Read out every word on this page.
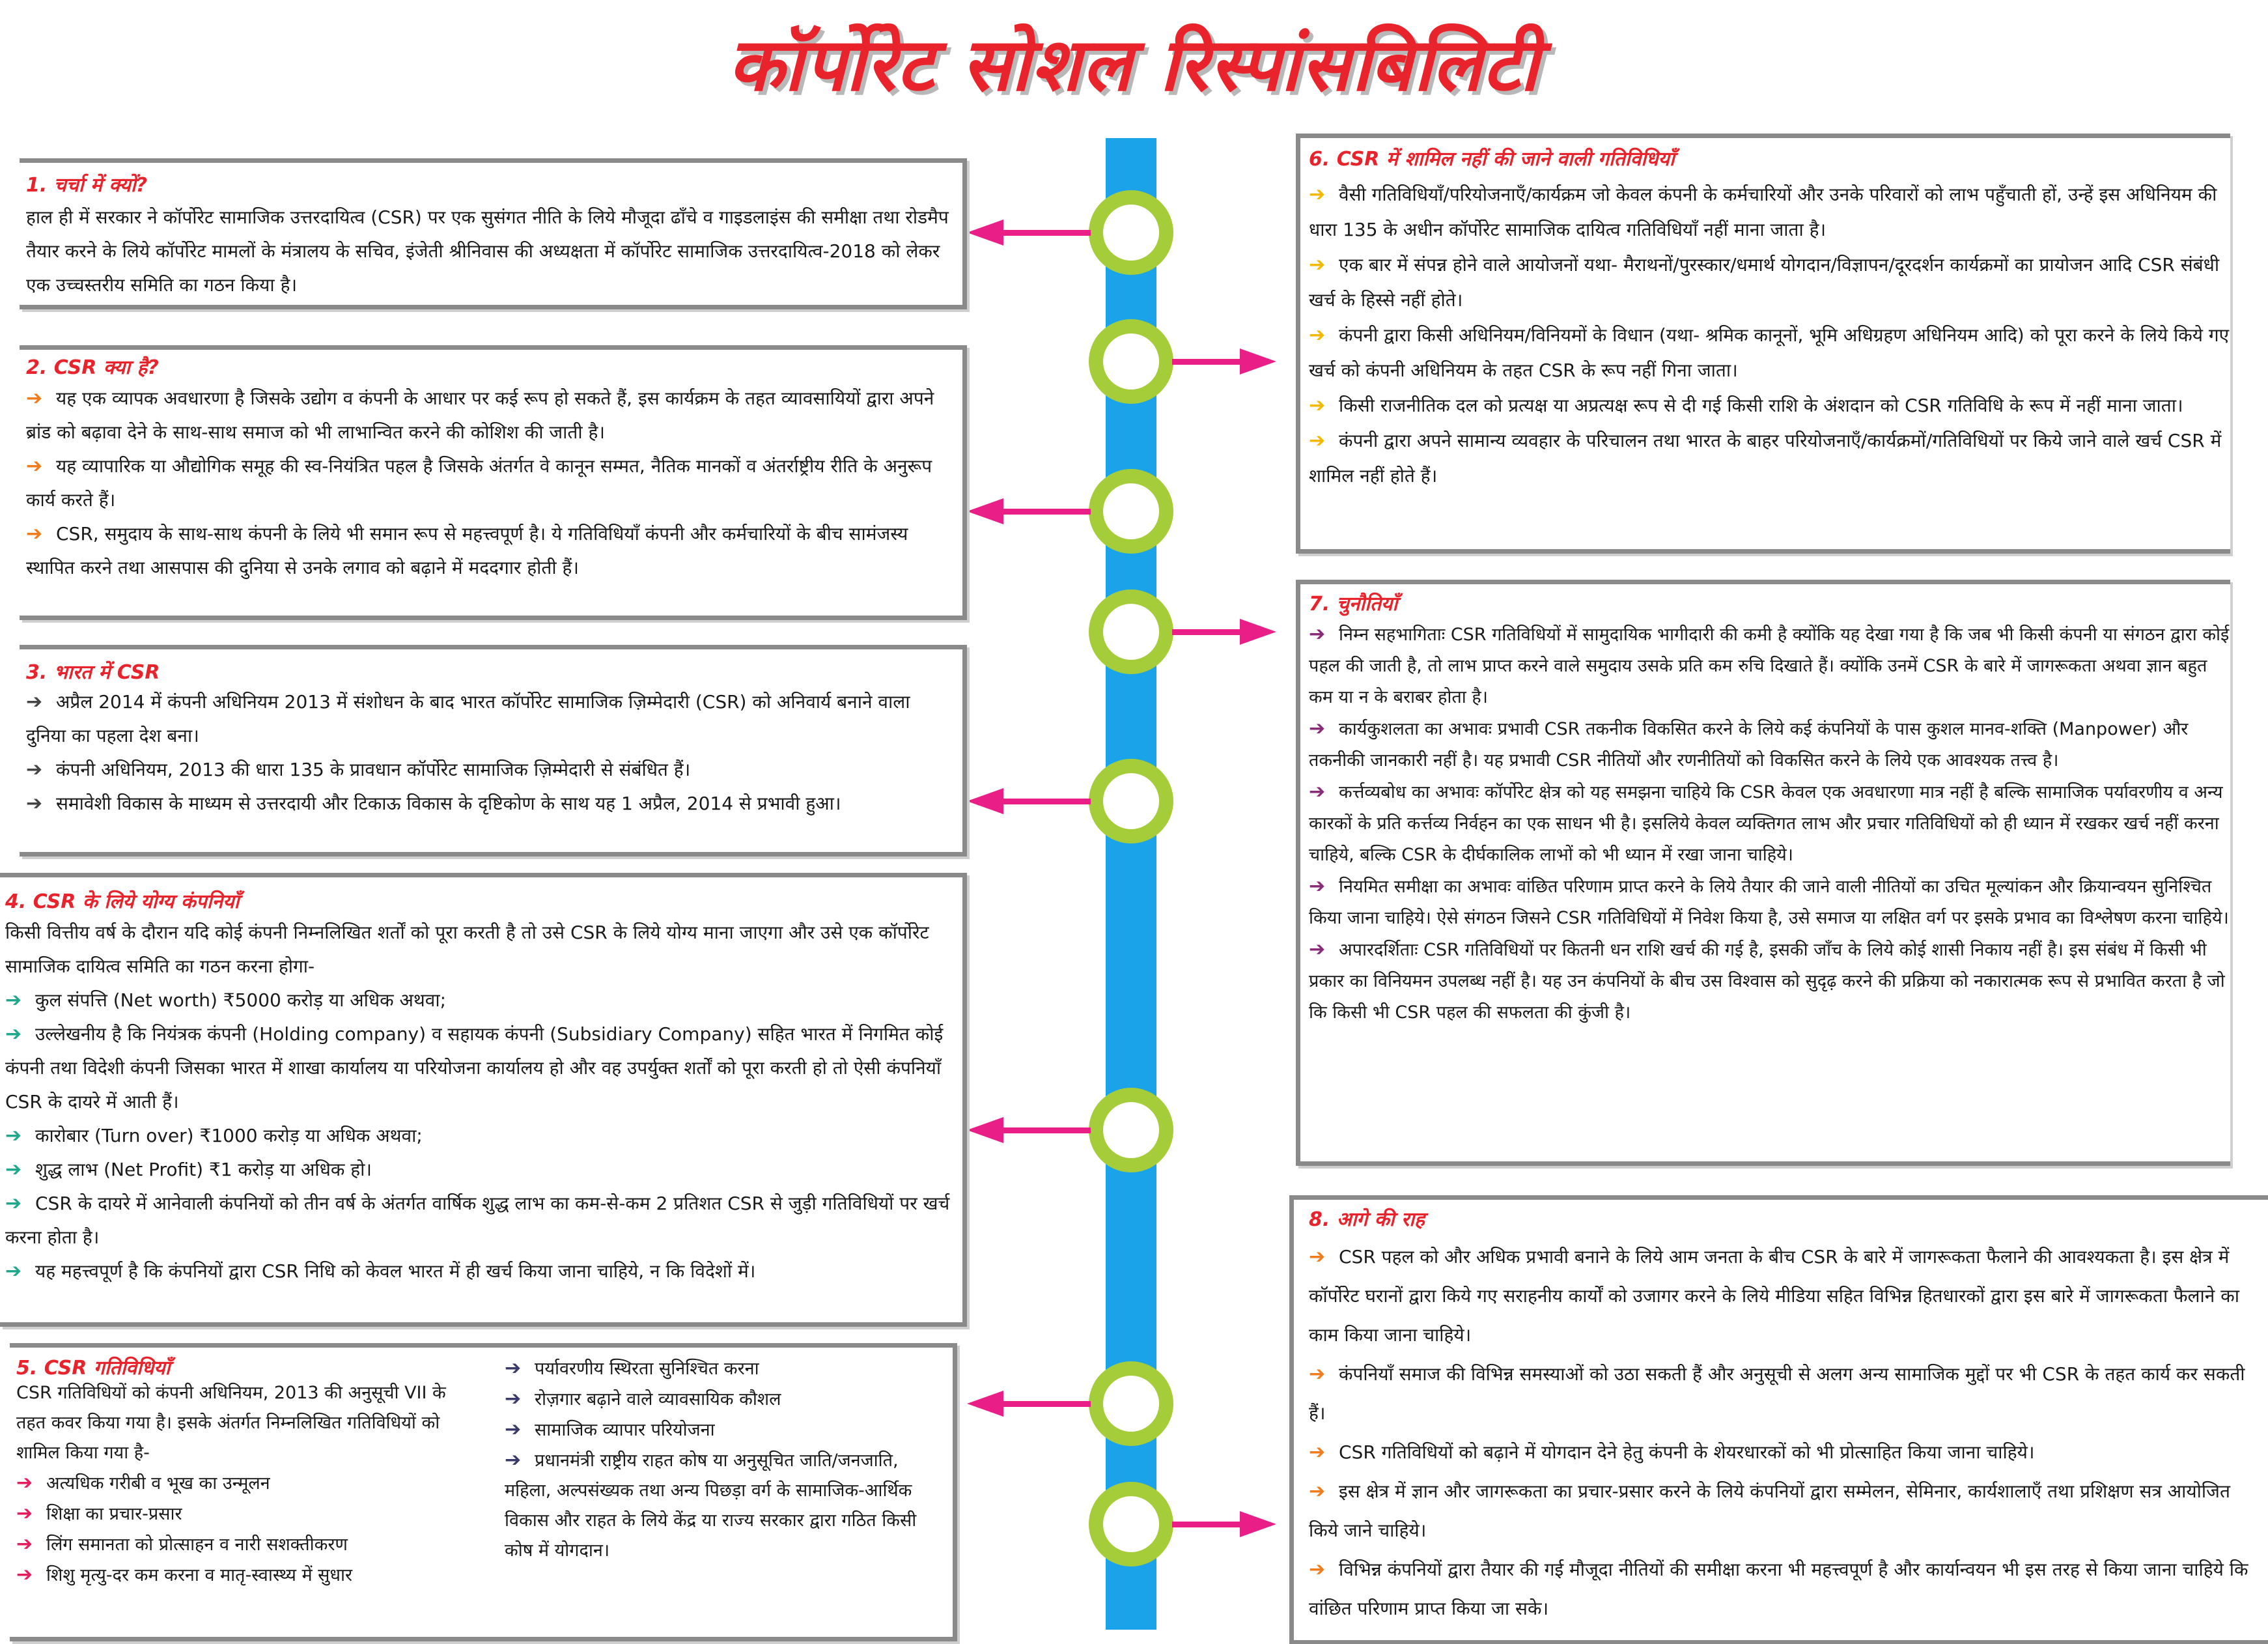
कॉर्पोरेट सोशल रिस्पांसबिलिटी
1. चर्चा में क्यों?
हाल ही में सरकार ने कॉर्पोरेट सामाजिक उत्तरदायित्व (CSR) पर एक सुसंगत नीति के लिये मौजूदा ढाँचे व गाइडलाइंस की समीक्षा तथा रोडमैप तैयार करने के लिये कॉर्पोरेट मामलों के मंत्रालय के सचिव, इंजेती श्रीनिवास की अध्यक्षता में कॉर्पोरेट सामाजिक उत्तरदायित्व-2018 को लेकर एक उच्चस्तरीय समिति का गठन किया है।
2. CSR क्या है?
➔ यह एक व्यापक अवधारणा है जिसके उद्योग व कंपनी के आधार पर कई रूप हो सकते हैं, इस कार्यक्रम के तहत व्यावसायियों द्वारा अपने ब्रांड को बढ़ावा देने के साथ-साथ समाज को भी लाभान्वित करने की कोशिश की जाती है।
➔ यह व्यापारिक या औद्योगिक समूह की स्व-नियंत्रित पहल है जिसके अंतर्गत वे कानून सम्मत, नैतिक मानकों व अंतर्राष्ट्रीय रीति के अनुरूप कार्य करते हैं।
➔ CSR, समुदाय के साथ-साथ कंपनी के लिये भी समान रूप से महत्त्वपूर्ण है। ये गतिविधियाँ कंपनी और कर्मचारियों के बीच सामंजस्य स्थापित करने तथा आसपास की दुनिया से उनके लगाव को बढ़ाने में मददगार होती हैं।
3. भारत में CSR
➔ अप्रैल 2014 में कंपनी अधिनियम 2013 में संशोधन के बाद भारत कॉर्पोरेट सामाजिक ज़िम्मेदारी (CSR) को अनिवार्य बनाने वाला दुनिया का पहला देश बना।
➔ कंपनी अधिनियम, 2013 की धारा 135 के प्रावधान कॉर्पोरेट सामाजिक ज़िम्मेदारी से संबंधित हैं।
➔ समावेशी विकास के माध्यम से उत्तरदायी और टिकाऊ विकास के दृष्टिकोण के साथ यह 1 अप्रैल, 2014 से प्रभावी हुआ।
4. CSR के लिये योग्य कंपनियाँ
किसी वित्तीय वर्ष के दौरान यदि कोई कंपनी निम्नलिखित शर्तों को पूरा करती है तो उसे CSR के लिये योग्य माना जाएगा और उसे एक कॉर्पोरेट सामाजिक दायित्व समिति का गठन करना होगा-
➔ कुल संपत्ति (Net worth) ₹5000 करोड़ या अधिक अथवा;
➔ उल्लेखनीय है कि नियंत्रक कंपनी (Holding company) व सहायक कंपनी (Subsidiary Company) सहित भारत में निगमित कोई कंपनी तथा विदेशी कंपनी जिसका भारत में शाखा कार्यालय या परियोजना कार्यालय हो और वह उपर्युक्त शर्तों को पूरा करती हो तो ऐसी कंपनियाँ CSR के दायरे में आती हैं।
➔ कारोबार (Turn over) ₹1000 करोड़ या अधिक अथवा;
➔ शुद्ध लाभ (Net Profit) ₹1 करोड़ या अधिक हो।
➔ CSR के दायरे में आनेवाली कंपनियों को तीन वर्ष के अंतर्गत वार्षिक शुद्ध लाभ का कम-से-कम 2 प्रतिशत CSR से जुड़ी गतिविधियों पर खर्च करना होता है।
➔ यह महत्त्वपूर्ण है कि कंपनियों द्वारा CSR निधि को केवल भारत में ही खर्च किया जाना चाहिये, न कि विदेशों में।
5. CSR गतिविधियाँ
CSR गतिविधियों को कंपनी अधिनियम, 2013 की अनुसूची VII के तहत कवर किया गया है। इसके अंतर्गत निम्नलिखित गतिविधियों को शामिल किया गया है-
➔ अत्यधिक गरीबी व भूख का उन्मूलन
➔ शिक्षा का प्रचार-प्रसार
➔ लिंग समानता को प्रोत्साहन व नारी सशक्तीकरण
➔ शिशु मृत्यु-दर कम करना व मातृ-स्वास्थ्य में सुधार
➔ पर्यावरणीय स्थिरता सुनिश्चित करना
➔ रोज़गार बढ़ाने वाले व्यावसायिक कौशल
➔ सामाजिक व्यापार परियोजना
➔ प्रधानमंत्री राष्ट्रीय राहत कोष या अनुसूचित जाति/जनजाति, महिला, अल्पसंख्यक तथा अन्य पिछड़ा वर्ग के सामाजिक-आर्थिक विकास और राहत के लिये केंद्र या राज्य सरकार द्वारा गठित किसी कोष में योगदान।
6. CSR में शामिल नहीं की जाने वाली गतिविधियाँ
➔ वैसी गतिविधियाँ/परियोजनाएँ/कार्यक्रम जो केवल कंपनी के कर्मचारियों और उनके परिवारों को लाभ पहुँचाती हों, उन्हें इस अधिनियम की धारा 135 के अधीन कॉर्पोरेट सामाजिक दायित्व गतिविधियाँ नहीं माना जाता है।
➔ एक बार में संपन्न होने वाले आयोजनों यथा- मैराथनों/पुरस्कार/धमार्थ योगदान/विज्ञापन/दूरदर्शन कार्यक्रमों का प्रायोजन आदि CSR संबंधी खर्च के हिस्से नहीं होते।
➔ कंपनी द्वारा किसी अधिनियम/विनियमों के विधान (यथा- श्रमिक कानूनों, भूमि अधिग्रहण अधिनियम आदि) को पूरा करने के लिये किये गए खर्च को कंपनी अधिनियम के तहत CSR के रूप नहीं गिना जाता।
➔ किसी राजनीतिक दल को प्रत्यक्ष या अप्रत्यक्ष रूप से दी गई किसी राशि के अंशदान को CSR गतिविधि के रूप में नहीं माना जाता।
➔ कंपनी द्वारा अपने सामान्य व्यवहार के परिचालन तथा भारत के बाहर परियोजनाएँ/कार्यक्रमों/गतिविधियों पर किये जाने वाले खर्च CSR में शामिल नहीं होते हैं।
7. चुनौतियाँ
➔ निम्न सहभागिताः CSR गतिविधियों में सामुदायिक भागीदारी की कमी है क्योंकि यह देखा गया है कि जब भी किसी कंपनी या संगठन द्वारा कोई पहल की जाती है, तो लाभ प्राप्त करने वाले समुदाय उसके प्रति कम रुचि दिखाते हैं। क्योंकि उनमें CSR के बारे में जागरूकता अथवा ज्ञान बहुत कम या न के बराबर होता है।
➔ कार्यकुशलता का अभावः प्रभावी CSR तकनीक विकसित करने के लिये कई कंपनियों के पास कुशल मानव-शक्ति (Manpower) और तकनीकी जानकारी नहीं है। यह प्रभावी CSR नीतियों और रणनीतियों को विकसित करने के लिये एक आवश्यक तत्त्व है।
➔ कर्त्तव्यबोध का अभावः कॉर्पोरेट क्षेत्र को यह समझना चाहिये कि CSR केवल एक अवधारणा मात्र नहीं है बल्कि सामाजिक पर्यावरणीय व अन्य कारकों के प्रति कर्त्तव्य निर्वहन का एक साधन भी है। इसलिये केवल व्यक्तिगत लाभ और प्रचार गतिविधियों को ही ध्यान में रखकर खर्च नहीं करना चाहिये, बल्कि CSR के दीर्घकालिक लाभों को भी ध्यान में रखा जाना चाहिये।
➔ नियमित समीक्षा का अभावः वांछित परिणाम प्राप्त करने के लिये तैयार की जाने वाली नीतियों का उचित मूल्यांकन और क्रियान्वयन सुनिश्चित किया जाना चाहिये। ऐसे संगठन जिसने CSR गतिविधियों में निवेश किया है, उसे समाज या लक्षित वर्ग पर इसके प्रभाव का विश्लेषण करना चाहिये।
➔ अपारदर्शिताः CSR गतिविधियों पर कितनी धन राशि खर्च की गई है, इसकी जाँच के लिये कोई शासी निकाय नहीं है। इस संबंध में किसी भी प्रकार का विनियमन उपलब्ध नहीं है। यह उन कंपनियों के बीच उस विश्वास को सुदृढ़ करने की प्रक्रिया को नकारात्मक रूप से प्रभावित करता है जो कि किसी भी CSR पहल की सफलता की कुंजी है।
8. आगे की राह
➔ CSR पहल को और अधिक प्रभावी बनाने के लिये आम जनता के बीच CSR के बारे में जागरूकता फैलाने की आवश्यकता है। इस क्षेत्र में कॉर्पोरेट घरानों द्वारा किये गए सराहनीय कार्यों को उजागर करने के लिये मीडिया सहित विभिन्न हितधारकों द्वारा इस बारे में जागरूकता फैलाने का काम किया जाना चाहिये।
➔ कंपनियाँ समाज की विभिन्न समस्याओं को उठा सकती हैं और अनुसूची से अलग अन्य सामाजिक मुद्दों पर भी CSR के तहत कार्य कर सकती हैं।
➔ CSR गतिविधियों को बढ़ाने में योगदान देने हेतु कंपनी के शेयरधारकों को भी प्रोत्साहित किया जाना चाहिये।
➔ इस क्षेत्र में ज्ञान और जागरूकता का प्रचार-प्रसार करने के लिये कंपनियों द्वारा सम्मेलन, सेमिनार, कार्यशालाएँ तथा प्रशिक्षण सत्र आयोजित किये जाने चाहिये।
➔ विभिन्न कंपनियों द्वारा तैयार की गई मौजूदा नीतियों की समीक्षा करना भी महत्त्वपूर्ण है और कार्यान्वयन भी इस तरह से किया जाना चाहिये कि वांछित परिणाम प्राप्त किया जा सके।
